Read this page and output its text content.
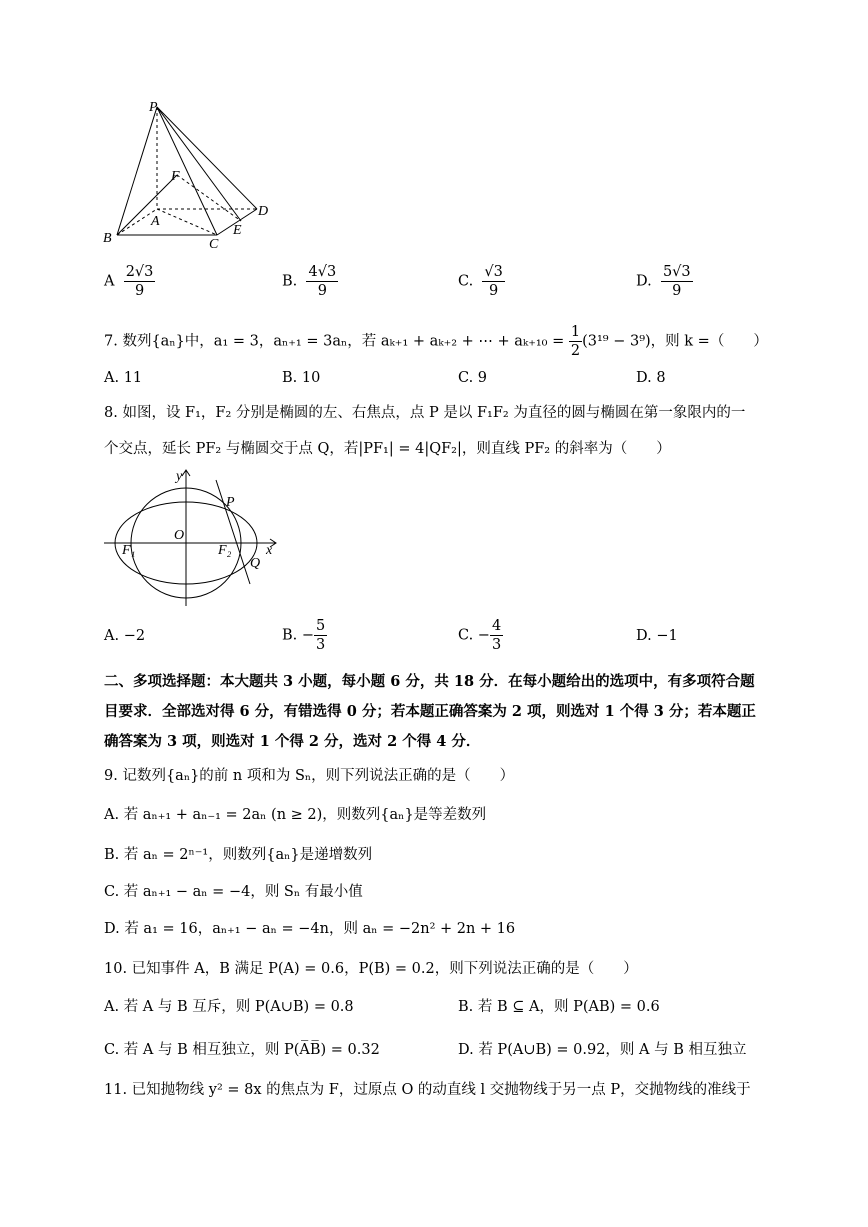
P
F
A
B	C
D
E
A $\frac{2√3}{9}$	B. $\frac{4√3}{9}$	C. $\frac{√3}{9}$	D. $\frac{5√3}{9}$
7. 数列{aₙ}中，a₁ = 3，aₙ₊₁ = 3aₙ，若 aₖ₊₁ + aₖ₊₂ + ⋯ + $a_{k+10} = \frac{1}{2} (3^{19} - 3^9)$，则 k =（　　）
A. 11	B. 10	C. 9	D. 8
8. 如图，设 F₁，F₂ 分别是椭圆的左、右焦点，点 P 是以 F₁F₂ 为直径的圆与椭圆在第一象限内的一
个交点，延长 PF₂ 与椭圆交于点 Q，若|PF₁| = 4|QF₂|，则直线 PF₂ 的斜率为（　　）
y
x
O
P
Q
F₁	F₂
A. −2	B. − $\frac{5}{3}$	C. − $\frac{4}{3}$	D. −1
二、多项选择题：本大题共 3 小题，每小题 6 分，共 18 分．在每小题给出的选项中，有多项符合题
目要求．全部选对得 6 分，有错选得 0 分；若本题正确答案为 2 项，则选对 1 个得 3 分；若本题正
确答案为 3 项，则选对 1 个得 2 分，选对 2 个得 4 分．
9. 记数列{aₙ}的前 n 项和为 Sₙ，则下列说法正确的是（　　）
A. 若 aₙ₊₁ + aₙ₋₁ = 2aₙ (n ≥ 2)，则数列{aₙ}是等差数列
B. 若 aₙ = 2ⁿ⁻¹，则数列{aₙ}是递增数列
C. 若 aₙ₊₁ − aₙ = −4，则 Sₙ 有最小值
D. 若 a₁ = 16，aₙ₊₁ − aₙ = −4n，则 aₙ = −2n² + 2n + 16
10. 已知事件 A，B 满足 P(A) = 0.6，P(B) = 0.2，则下列说法正确的是（　　）
A. 若 A 与 B 互斥，则 P(A∪B) = 0.8	B. 若 B ⊆ A，则 P(AB) = 0.6
C. 若 A 与 B 相互独立，则 P(A̅B̅) = 0.32	D. 若 P(A∪B) = 0.92，则 A 与 B 相互独立
11. 已知抛物线 y² = 8x 的焦点为 F，过原点 O 的动直线 l 交抛物线于另一点 P，交抛物线的准线于
